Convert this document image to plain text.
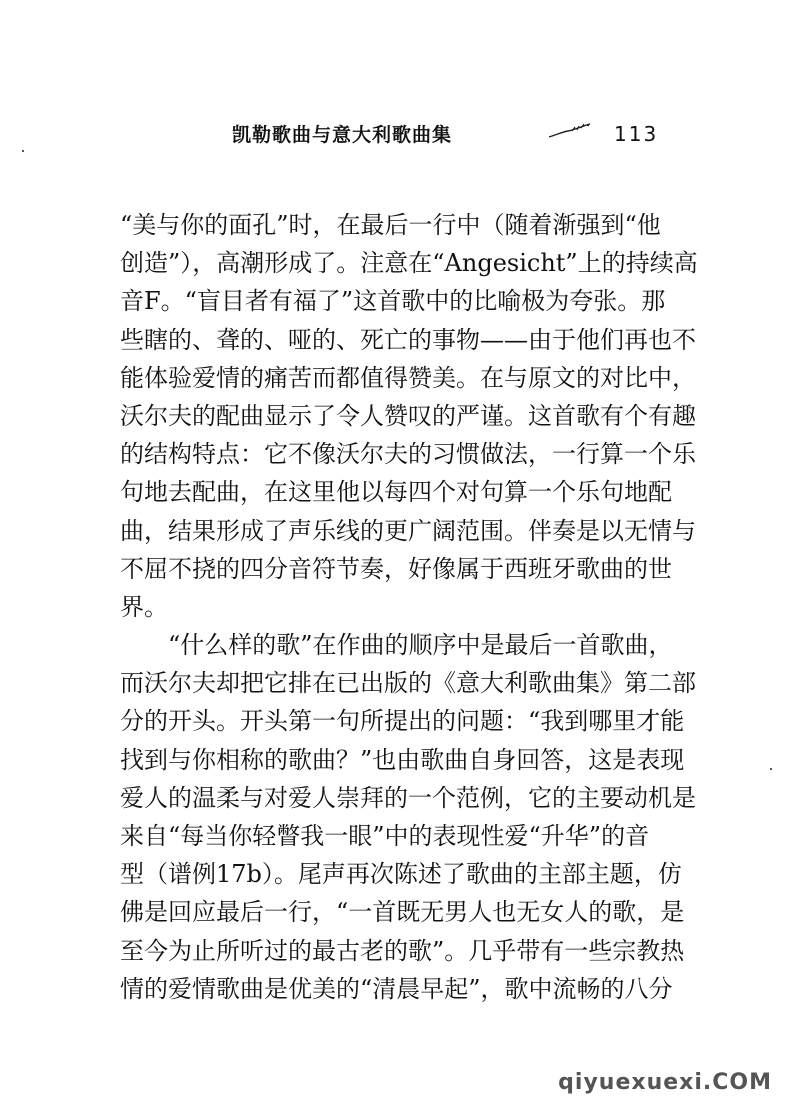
凯勒歌曲与意大利歌曲集	113
“美与你的面孔”时，在最后一行中（随着渐强到“他
创造”），高潮形成了。注意在“Angesicht”上的持续高
音F。“盲目者有福了”这首歌中的比喻极为夸张。那
些瞎的、聋的、哑的、死亡的事物——由于他们再也不
能体验爱情的痛苦而都值得赞美。在与原文的对比中，
沃尔夫的配曲显示了令人赞叹的严谨。这首歌有个有趣
的结构特点：它不像沃尔夫的习惯做法，一行算一个乐
句地去配曲，在这里他以每四个对句算一个乐句地配
曲，结果形成了声乐线的更广阔范围。伴奏是以无情与
不屈不挠的四分音符节奏，好像属于西班牙歌曲的世
界。
“什么样的歌”在作曲的顺序中是最后一首歌曲，
而沃尔夫却把它排在已出版的《意大利歌曲集》第二部
分的开头。开头第一句所提出的问题：“我到哪里才能
找到与你相称的歌曲？”也由歌曲自身回答，这是表现
爱人的温柔与对爱人崇拜的一个范例，它的主要动机是
来自“每当你轻瞥我一眼”中的表现性爱“升华”的音
型（谱例17b）。尾声再次陈述了歌曲的主部主题，仿
佛是回应最后一行，“一首既无男人也无女人的歌，是
至今为止所听过的最古老的歌”。几乎带有一些宗教热
情的爱情歌曲是优美的“清晨早起”，歌中流畅的八分
qiyuexuexi.COM
